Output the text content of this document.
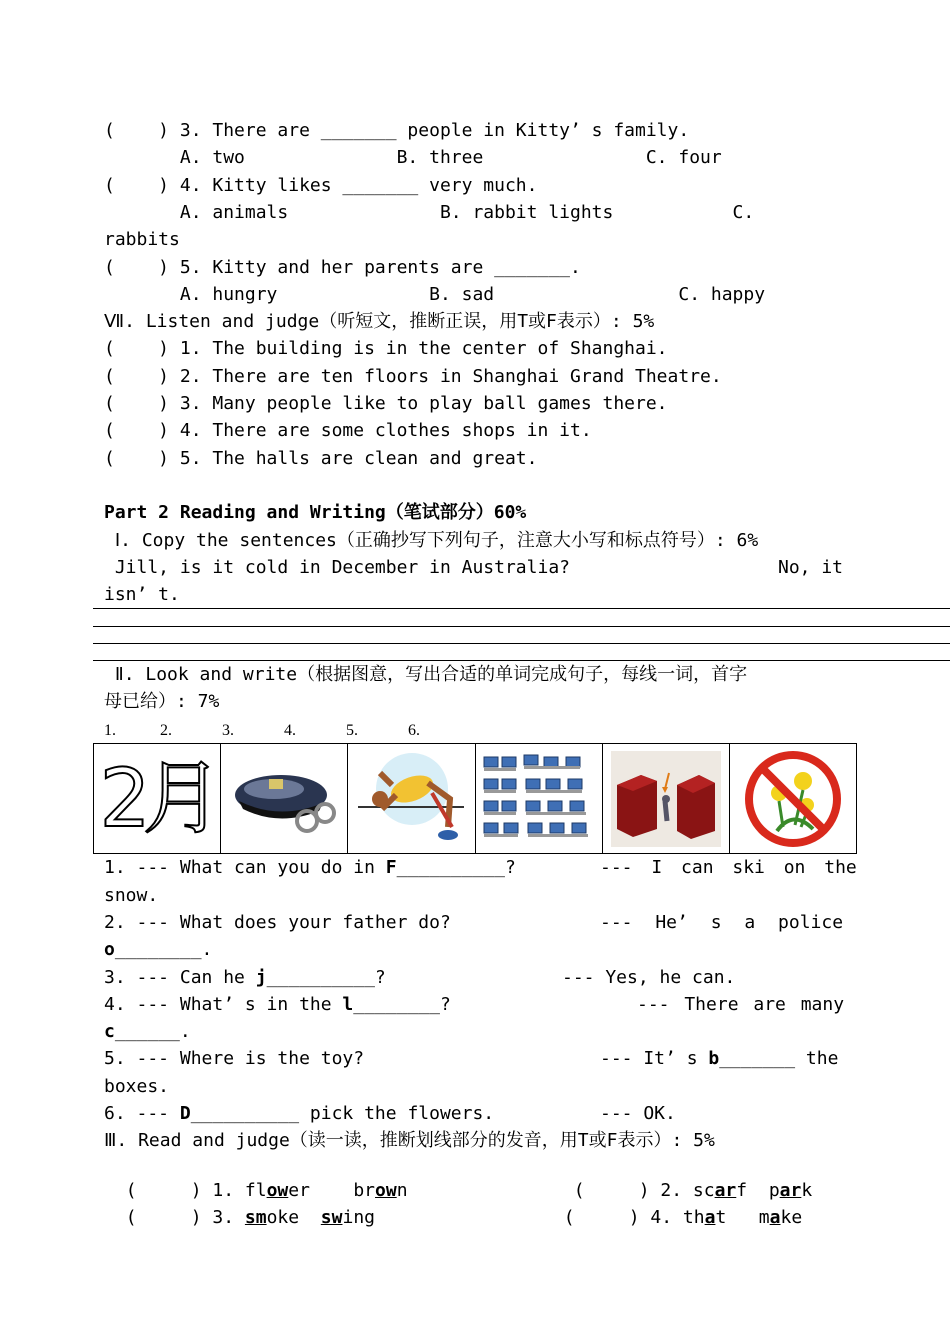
(    ) 3. There are _______ people in Kitty’ s family.
A. two              B. three               C. four
(    ) 4. Kitty likes _______ very much.
A. animals              B. rabbit lights           C.
rabbits
(    ) 5. Kitty and her parents are _______.
A. hungry              B. sad                 C. happy
Ⅶ. Listen and judge（听短文，推断正误，用T或F表示）: 5%
(    ) 1. The building is in the center of Shanghai.
(    ) 2. There are ten floors in Shanghai Grand Theatre.
(    ) 3. Many people like to play ball games there.
(    ) 4. There are some clothes shops in it.
(    ) 5. The halls are clean and great.
Part 2 Reading and Writing（笔试部分）60%
Ⅰ. Copy the sentences（正确抄写下列句子，注意大小写和标点符号）: 6%
Jill, is it cold in December in Australia?	No, it
isn’ t.
Ⅱ. Look and write（根据图意，写出合适的单词完成句子，每线一词，首字
母已给）: 7%
1.	2.	3.	4.	5.	6.
2月
1. --- What can you do in F__________?	--- I can ski on the
snow.
2. --- What does your father do?	--- He’ s a police
o________.
3. --- Can he j__________?	--- Yes, he can.
4. --- What’ s in the l________?	--- There are many
c______.
5. --- Where is the toy?	--- It’ s b_______ the
boxes.
6. --- D__________ pick the flowers.	--- OK.
Ⅲ. Read and judge（读一读，推断划线部分的发音，用T或F表示）: 5%

(     ) 1. flower brown	(     ) 2. scarf park

(     ) 3. smoke swing	(     ) 4. that make
